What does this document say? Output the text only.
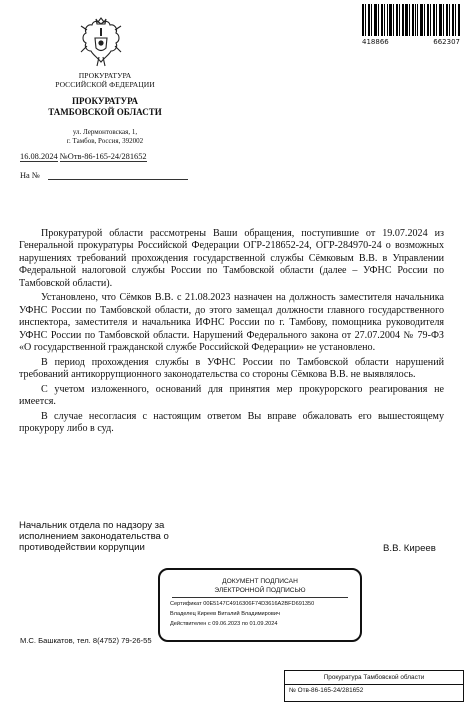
418866	662307
ПРОКУРАТУРА
РОССИЙСКОЙ ФЕДЕРАЦИИ
ПРОКУРАТУРА
ТАМБОВСКОЙ ОБЛАСТИ
ул. Лермонтовская, 1,
г. Тамбов, Россия, 392002
16.08.2024 №Отв-86-165-24/281652
На №

Прокуратурой области рассмотрены Ваши обращения, поступившие от 19.07.2024 из Генеральной прокуратуры Российской Федерации ОГР-218652-24, ОГР-284970-24 о возможных нарушениях требований прохождения государственной службы Сёмковым В.В. в Управлении Федеральной налоговой службы России по Тамбовской области (далее – УФНС России по Тамбовской области).

Установлено, что Сёмков В.В. с 21.08.2023 назначен на должность заместителя начальника УФНС России по Тамбовской области, до этого замещал должности главного государственного инспектора, заместителя и начальника ИФНС России по г. Тамбову, помощника руководителя УФНС России по Тамбовской области. Нарушений Федерального закона от 27.07.2004 № 79-ФЗ «О государственной гражданской службе Российской Федерации» не установлено.

В период прохождения службы в УФНС России по Тамбовской области нарушений требований антикоррупционного законодательства со стороны Сёмкова В.В. не выявлялось.

С учетом изложенного, оснований для принятия мер прокурорского реагирования не имеется.

В случае несогласия с настоящим ответом Вы вправе обжаловать его вышестоящему прокурору либо в суд.

Начальник отдела по надзору за
исполнением законодательства о
противодействии коррупции	В.В. Киреев
ДОКУМЕНТ ПОДПИСАН
ЭЛЕКТРОННОЙ ПОДПИСЬЮ
Сертификат 00E5147C4916306F74D3616A2BFD691350
Владелец Киреев Виталий Владимирович
Действителен с 09.06.2023 по 01.09.2024
М.С. Башкатов, тел. 8(4752) 79-26-55
Прокуратура Тамбовской области
№ Отв-86-165-24/281652
